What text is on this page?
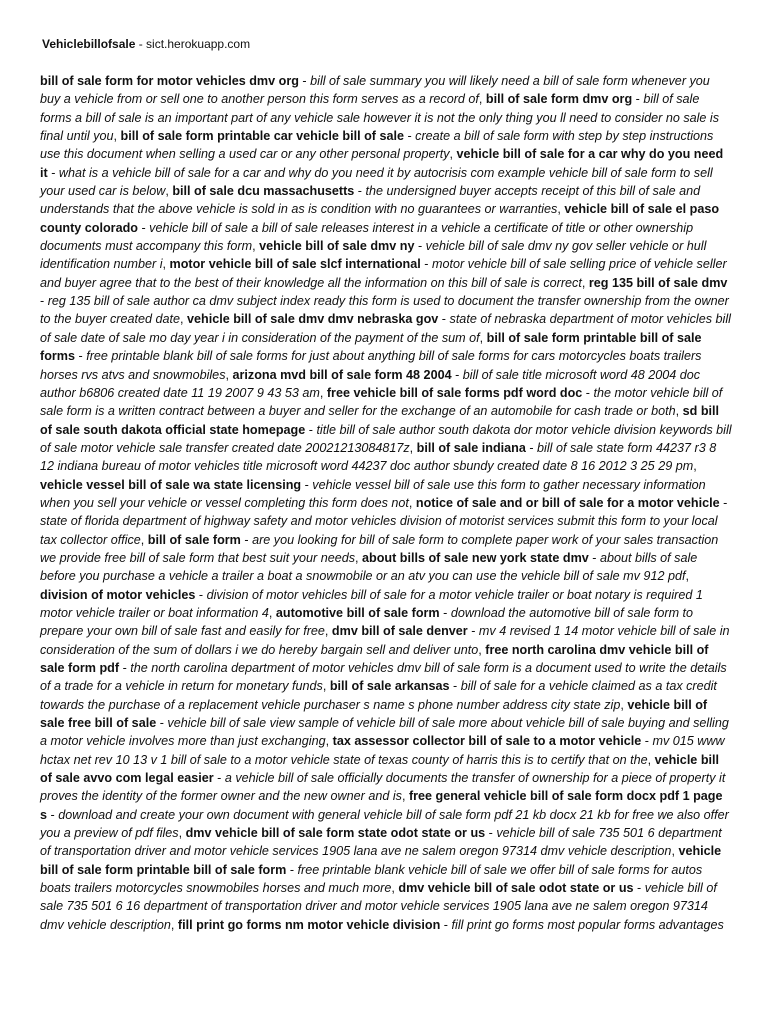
Vehiclebillofsale - sict.herokuapp.com
bill of sale form for motor vehicles dmv org - bill of sale summary you will likely need a bill of sale form whenever you buy a vehicle from or sell one to another person this form serves as a record of, bill of sale form dmv org - bill of sale forms a bill of sale is an important part of any vehicle sale however it is not the only thing you ll need to consider no sale is final until you, bill of sale form printable car vehicle bill of sale - create a bill of sale form with step by step instructions use this document when selling a used car or any other personal property, vehicle bill of sale for a car why do you need it - what is a vehicle bill of sale for a car and why do you need it by autocrisis com example vehicle bill of sale form to sell your used car is below, bill of sale dcu massachusetts - the undersigned buyer accepts receipt of this bill of sale and understands that the above vehicle is sold in as is condition with no guarantees or warranties, vehicle bill of sale el paso county colorado - vehicle bill of sale a bill of sale releases interest in a vehicle a certificate of title or other ownership documents must accompany this form, vehicle bill of sale dmv ny - vehicle bill of sale dmv ny gov seller vehicle or hull identification number i, motor vehicle bill of sale slcf international - motor vehicle bill of sale selling price of vehicle seller and buyer agree that to the best of their knowledge all the information on this bill of sale is correct, reg 135 bill of sale dmv - reg 135 bill of sale author ca dmv subject index ready this form is used to document the transfer ownership from the owner to the buyer created date, vehicle bill of sale dmv dmv nebraska gov - state of nebraska department of motor vehicles bill of sale date of sale mo day year i in consideration of the payment of the sum of, bill of sale form printable bill of sale forms - free printable blank bill of sale forms for just about anything bill of sale forms for cars motorcycles boats trailers horses rvs atvs and snowmobiles, arizona mvd bill of sale form 48 2004 - bill of sale title microsoft word 48 2004 doc author b6806 created date 11 19 2007 9 43 53 am, free vehicle bill of sale forms pdf word doc - the motor vehicle bill of sale form is a written contract between a buyer and seller for the exchange of an automobile for cash trade or both, sd bill of sale south dakota official state homepage - title bill of sale author south dakota dor motor vehicle division keywords bill of sale motor vehicle sale transfer created date 20021213084817z, bill of sale indiana - bill of sale state form 44237 r3 8 12 indiana bureau of motor vehicles title microsoft word 44237 doc author sbundy created date 8 16 2012 3 25 29 pm, vehicle vessel bill of sale wa state licensing - vehicle vessel bill of sale use this form to gather necessary information when you sell your vehicle or vessel completing this form does not, notice of sale and or bill of sale for a motor vehicle - state of florida department of highway safety and motor vehicles division of motorist services submit this form to your local tax collector office, bill of sale form - are you looking for bill of sale form to complete paper work of your sales transaction we provide free bill of sale form that best suit your needs, about bills of sale new york state dmv - about bills of sale before you purchase a vehicle a trailer a boat a snowmobile or an atv you can use the vehicle bill of sale mv 912 pdf, division of motor vehicles - division of motor vehicles bill of sale for a motor vehicle trailer or boat notary is required 1 motor vehicle trailer or boat information 4, automotive bill of sale form - download the automotive bill of sale form to prepare your own bill of sale fast and easily for free, dmv bill of sale denver - mv 4 revised 1 14 motor vehicle bill of sale in consideration of the sum of dollars i we do hereby bargain sell and deliver unto, free north carolina dmv vehicle bill of sale form pdf - the north carolina department of motor vehicles dmv bill of sale form is a document used to write the details of a trade for a vehicle in return for monetary funds, bill of sale arkansas - bill of sale for a vehicle claimed as a tax credit towards the purchase of a replacement vehicle purchaser s name s phone number address city state zip, vehicle bill of sale free bill of sale - vehicle bill of sale view sample of vehicle bill of sale more about vehicle bill of sale buying and selling a motor vehicle involves more than just exchanging, tax assessor collector bill of sale to a motor vehicle - mv 015 www hctax net rev 10 13 v 1 bill of sale to a motor vehicle state of texas county of harris this is to certify that on the, vehicle bill of sale avvo com legal easier - a vehicle bill of sale officially documents the transfer of ownership for a piece of property it proves the identity of the former owner and the new owner and is, free general vehicle bill of sale form docx pdf 1 page s - download and create your own document with general vehicle bill of sale form pdf 21 kb docx 21 kb for free we also offer you a preview of pdf files, dmv vehicle bill of sale form state odot state or us - vehicle bill of sale 735 501 6 department of transportation driver and motor vehicle services 1905 lana ave ne salem oregon 97314 dmv vehicle description, vehicle bill of sale form printable bill of sale form - free printable blank vehicle bill of sale we offer bill of sale forms for autos boats trailers motorcycles snowmobiles horses and much more, dmv vehicle bill of sale odot state or us - vehicle bill of sale 735 501 6 16 department of transportation driver and motor vehicle services 1905 lana ave ne salem oregon 97314 dmv vehicle description, fill print go forms nm motor vehicle division - fill print go forms most popular forms advantages
